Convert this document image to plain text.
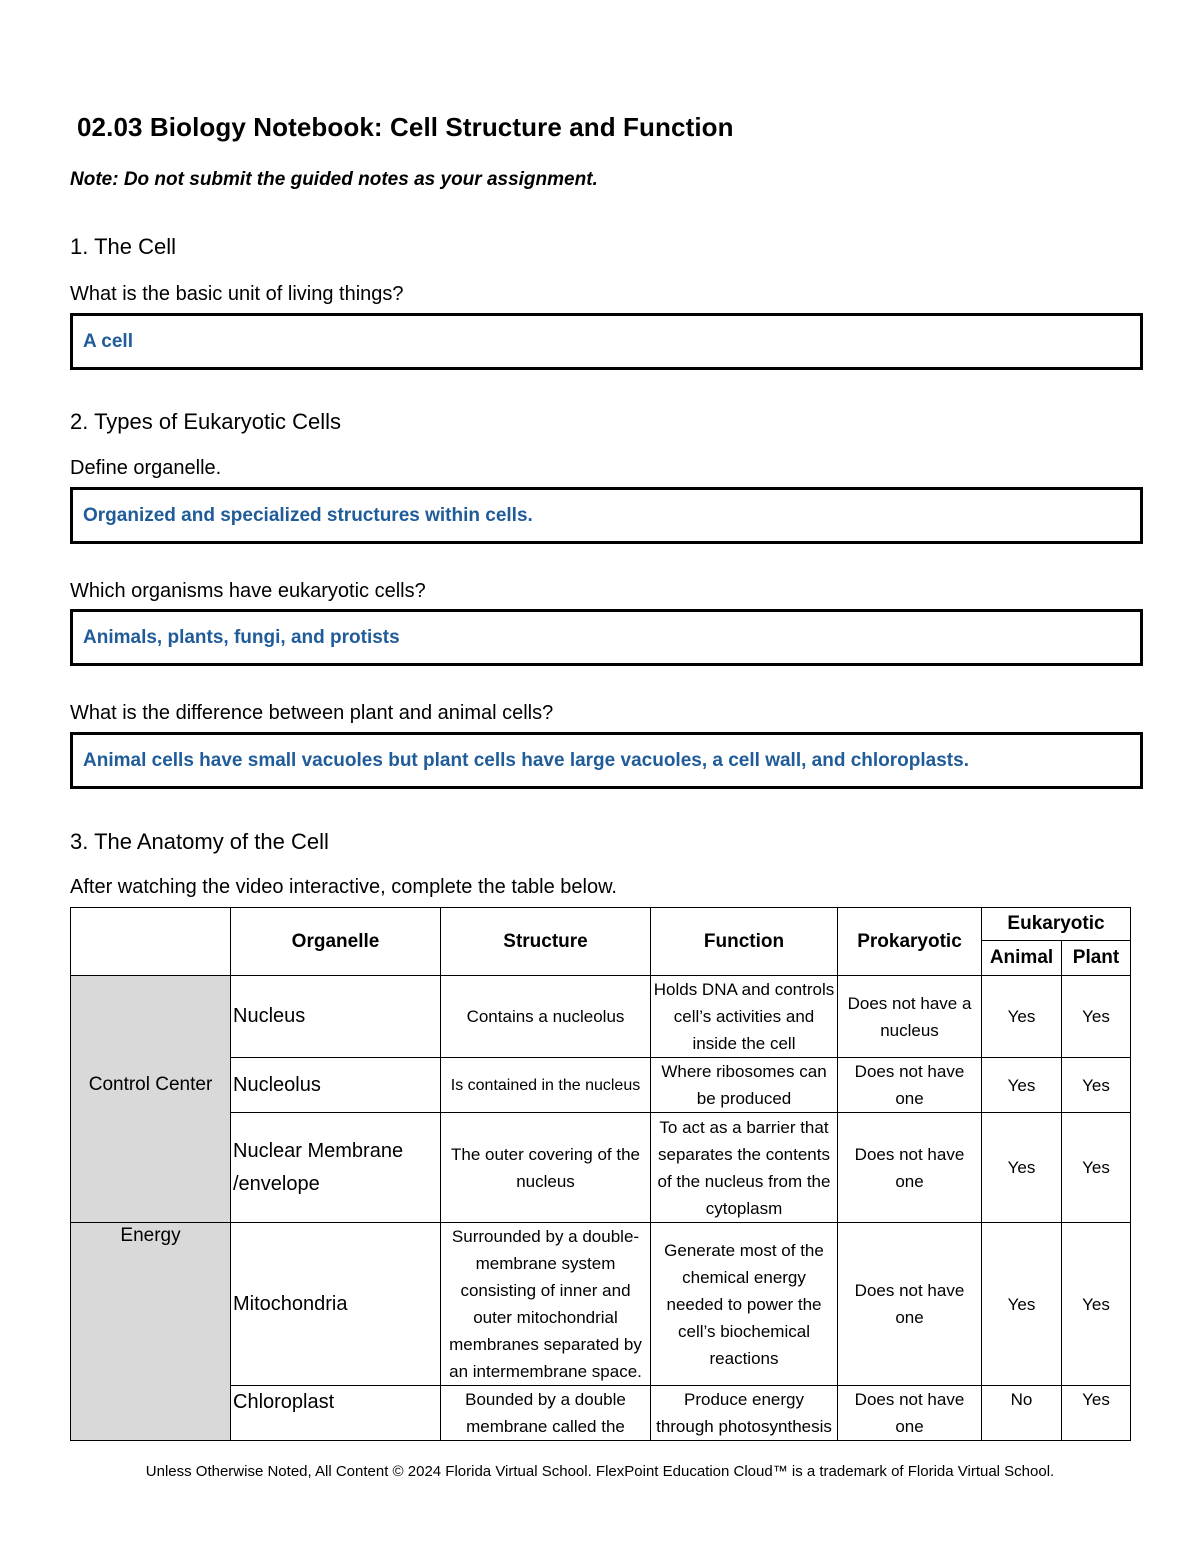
02.03 Biology Notebook: Cell Structure and Function
Note: Do not submit the guided notes as your assignment.
1. The Cell
What is the basic unit of living things?
A cell
2. Types of Eukaryotic Cells
Define organelle.
Organized and specialized structures within cells.
Which organisms have eukaryotic cells?
Animals, plants, fungi, and protists
What is the difference between plant and animal cells?
Animal cells have small vacuoles but plant cells have large vacuoles, a cell wall, and chloroplasts.
3. The Anatomy of the Cell
After watching the video interactive, complete the table below.
	Organelle	Structure	Function	Prokaryotic	Eukaryotic	
					Animal	Plant
Control Center	Nucleus	Contains a nucleolus	Holds DNA and controls cell’s activities and inside the cell	Does not have a nucleus	Yes	Yes
	Nucleolus	Is contained in the nucleus	Where ribosomes can be produced	Does not have one	Yes	Yes
	Nuclear Membrane /envelope	The outer covering of the nucleus	To act as a barrier that separates the contents of the nucleus from the cytoplasm	Does not have one	Yes	Yes
Energy	Mitochondria	Surrounded by a double-membrane system consisting of inner and outer mitochondrial membranes separated by an intermembrane space.	Generate most of the chemical energy needed to power the cell’s biochemical reactions	Does not have one	Yes	Yes
	Chloroplast	Bounded by a double membrane called the	Produce energy through photosynthesis	Does not have one	No	Yes
Unless Otherwise Noted, All Content © 2024 Florida Virtual School. FlexPoint Education Cloud™ is a trademark of Florida Virtual School.
